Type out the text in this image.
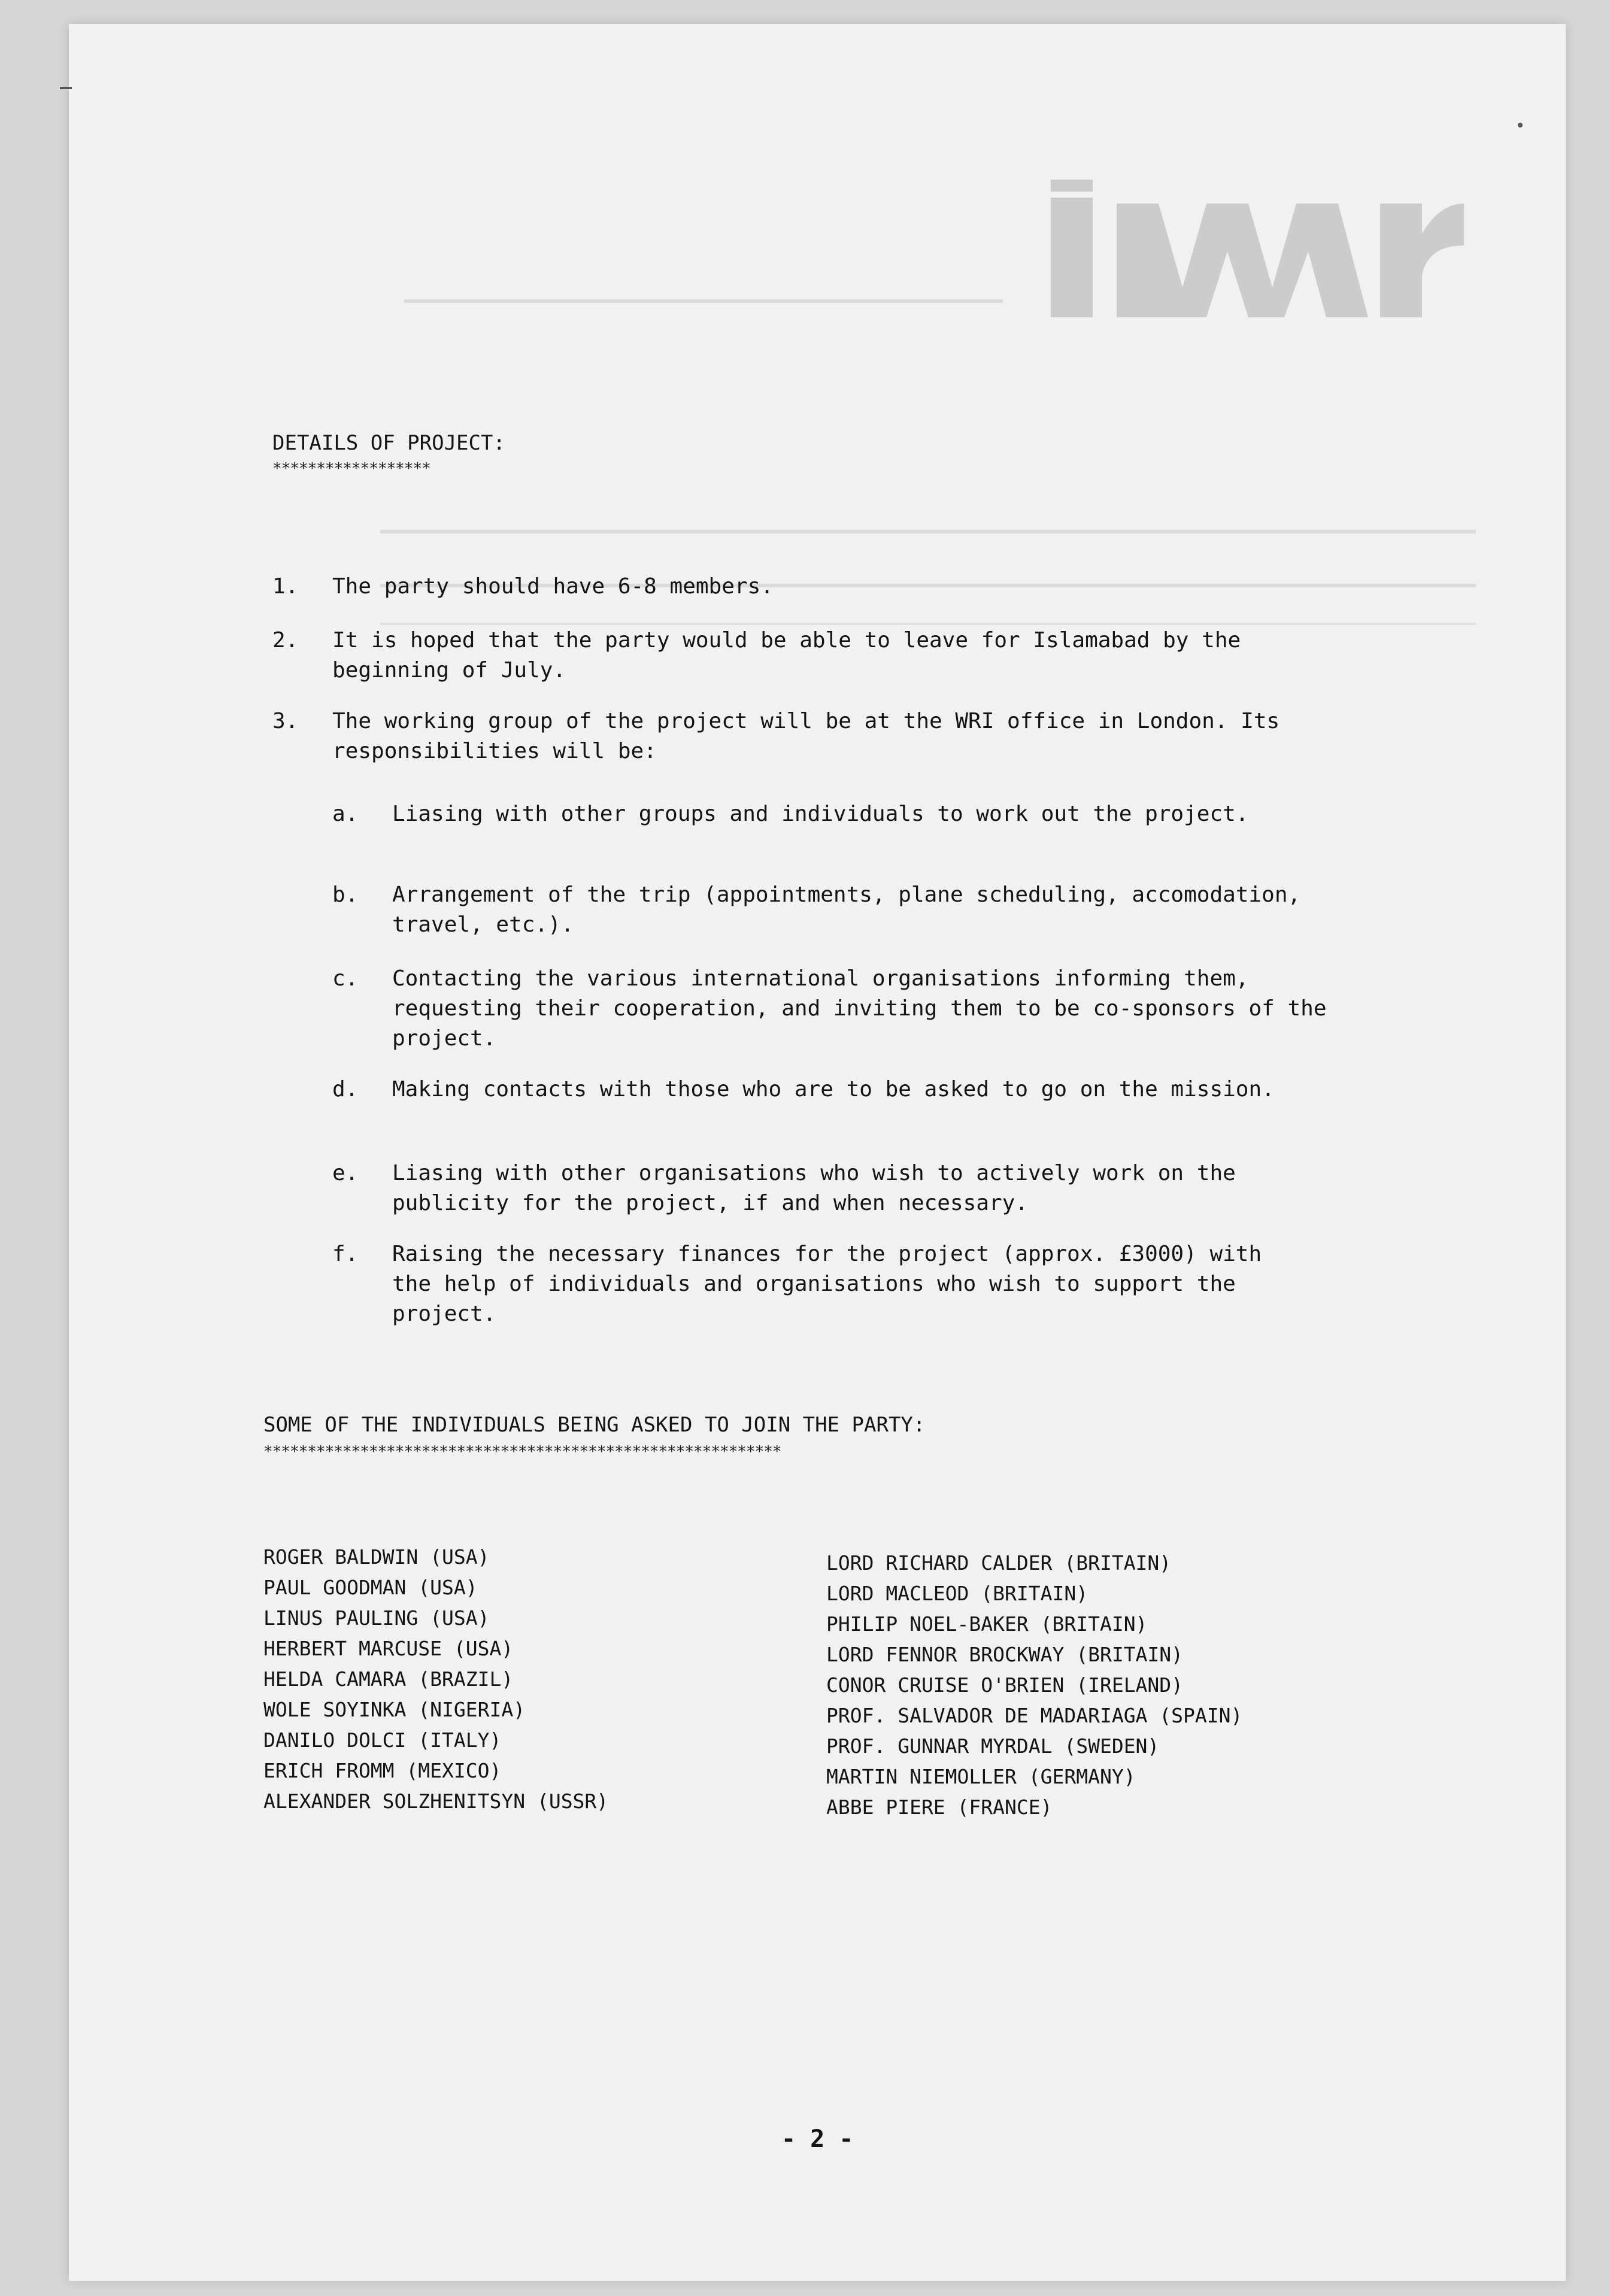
DETAILS OF PROJECT:
******************
1. The party should have 6-8 members.
2. It is hoped that the party would be able to leave for Islamabad by the beginning of July.
3. The working group of the project will be at the WRI office in London. Its responsibilities will be:
a. Liasing with other groups and individuals to work out the project.
b. Arrangement of the trip (appointments, plane scheduling, accomodation, travel, etc.).
c. Contacting the various international organisations informing them, requesting their cooperation, and inviting them to be co-sponsors of the project.
d. Making contacts with those who are to be asked to go on the mission.
e. Liasing with other organisations who wish to actively work on the publicity for the project, if and when necessary.
f. Raising the necessary finances for the project (approx. £3000) with the help of individuals and organisations who wish to support the project.
SOME OF THE INDIVIDUALS BEING ASKED TO JOIN THE PARTY:
***********************************************************
ROGER BALDWIN (USA)
PAUL GOODMAN (USA)
LINUS PAULING (USA)
HERBERT MARCUSE (USA)
HELDA CAMARA (BRAZIL)
WOLE SOYINKA (NIGERIA)
DANILO DOLCI (ITALY)
ERICH FROMM (MEXICO)
ALEXANDER SOLZHENITSYN (USSR)
LORD RICHARD CALDER (BRITAIN)
LORD MACLEOD (BRITAIN)
PHILIP NOEL-BAKER (BRITAIN)
LORD FENNOR BROCKWAY (BRITAIN)
CONOR CRUISE O'BRIEN (IRELAND)
PROF. SALVADOR DE MADARIAGA (SPAIN)
PROF. GUNNAR MYRDAL (SWEDEN)
MARTIN NIEMOLLER (GERMANY)
ABBE PIERE (FRANCE)
- 2 -
